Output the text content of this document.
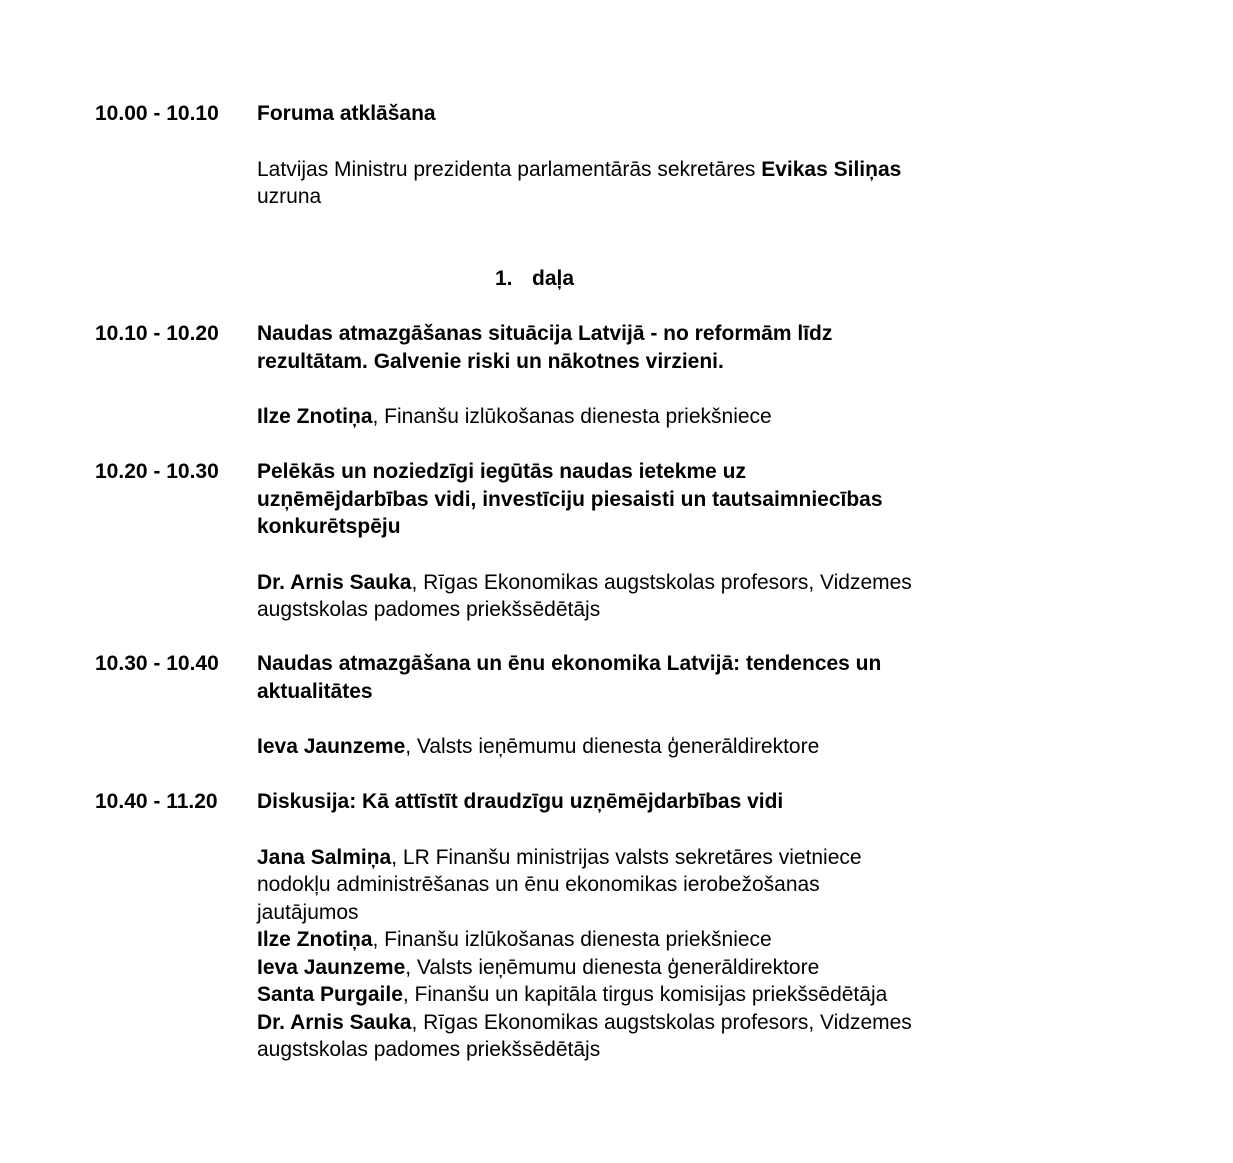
10.00 - 10.10 Foruma atklāšana
Latvijas Ministru prezidenta parlamentārās sekretāres Evikas Siliņas uzruna
1. daļa
10.10 - 10.20 Naudas atmazgāšanas situācija Latvijā - no reformām līdz rezultātam. Galvenie riski un nākotnes virzieni.
Ilze Znotiņa, Finanšu izlūkošanas dienesta priekšniece
10.20 - 10.30 Pelēkās un noziedzīgi iegūtās naudas ietekme uz uzņēmējdarbības vidi, investīciju piesaisti un tautsaimniecības konkurētspēju
Dr. Arnis Sauka, Rīgas Ekonomikas augstskolas profesors, Vidzemes augstskolas padomes priekšsēdētājs
10.30 - 10.40 Naudas atmazgāšana un ēnu ekonomika Latvijā: tendences un aktualitātes
Ieva Jaunzeme, Valsts ieņēmumu dienesta ģenerāldirektore
10.40 - 11.20 Diskusija: Kā attīstīt draudzīgu uzņēmējdarbības vidi
Jana Salmiņa, LR Finanšu ministrijas valsts sekretāres vietniece nodokļu administrēšanas un ēnu ekonomikas ierobežošanas jautājumos
Ilze Znotiņa, Finanšu izlūkošanas dienesta priekšniece
Ieva Jaunzeme, Valsts ieņēmumu dienesta ģenerāldirektore
Santa Purgaile, Finanšu un kapitāla tirgus komisijas priekšsēdētāja
Dr. Arnis Sauka, Rīgas Ekonomikas augstskolas profesors, Vidzemes augstskolas padomes priekšsēdētājs
